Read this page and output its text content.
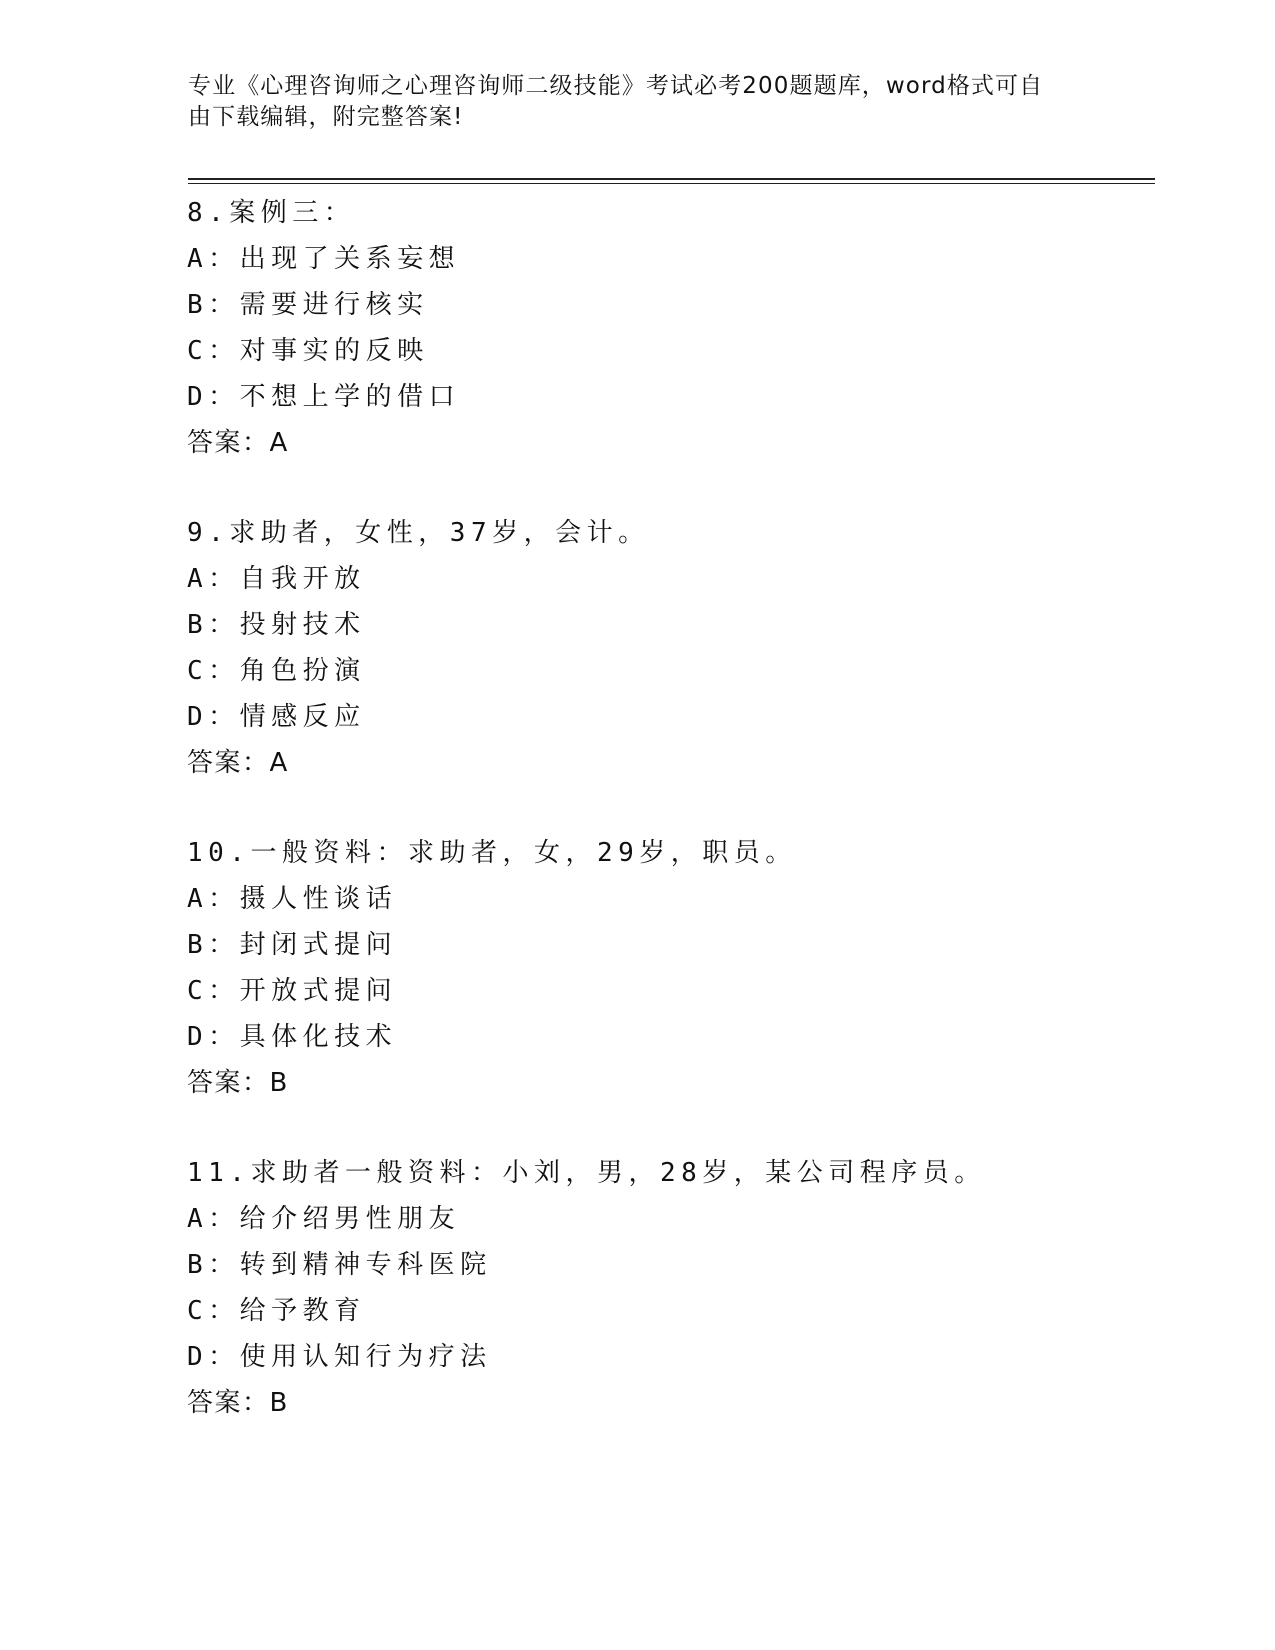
专业《心理咨询师之心理咨询师二级技能》考试必考200题题库，word格式可自
由下载编辑，附完整答案!
8.案例三：
A：出现了关系妄想
B：需要进行核实
C：对事实的反映
D：不想上学的借口
答案：A
9.求助者，女性，37岁，会计。
A：自我开放
B：投射技术
C：角色扮演
D：情感反应
答案：A
10.一般资料：求助者，女，29岁，职员。
A：摄人性谈话
B：封闭式提问
C：开放式提问
D：具体化技术
答案：B
11.求助者一般资料：小刘，男，28岁，某公司程序员。
A：给介绍男性朋友
B：转到精神专科医院
C：给予教育
D：使用认知行为疗法
答案：B
